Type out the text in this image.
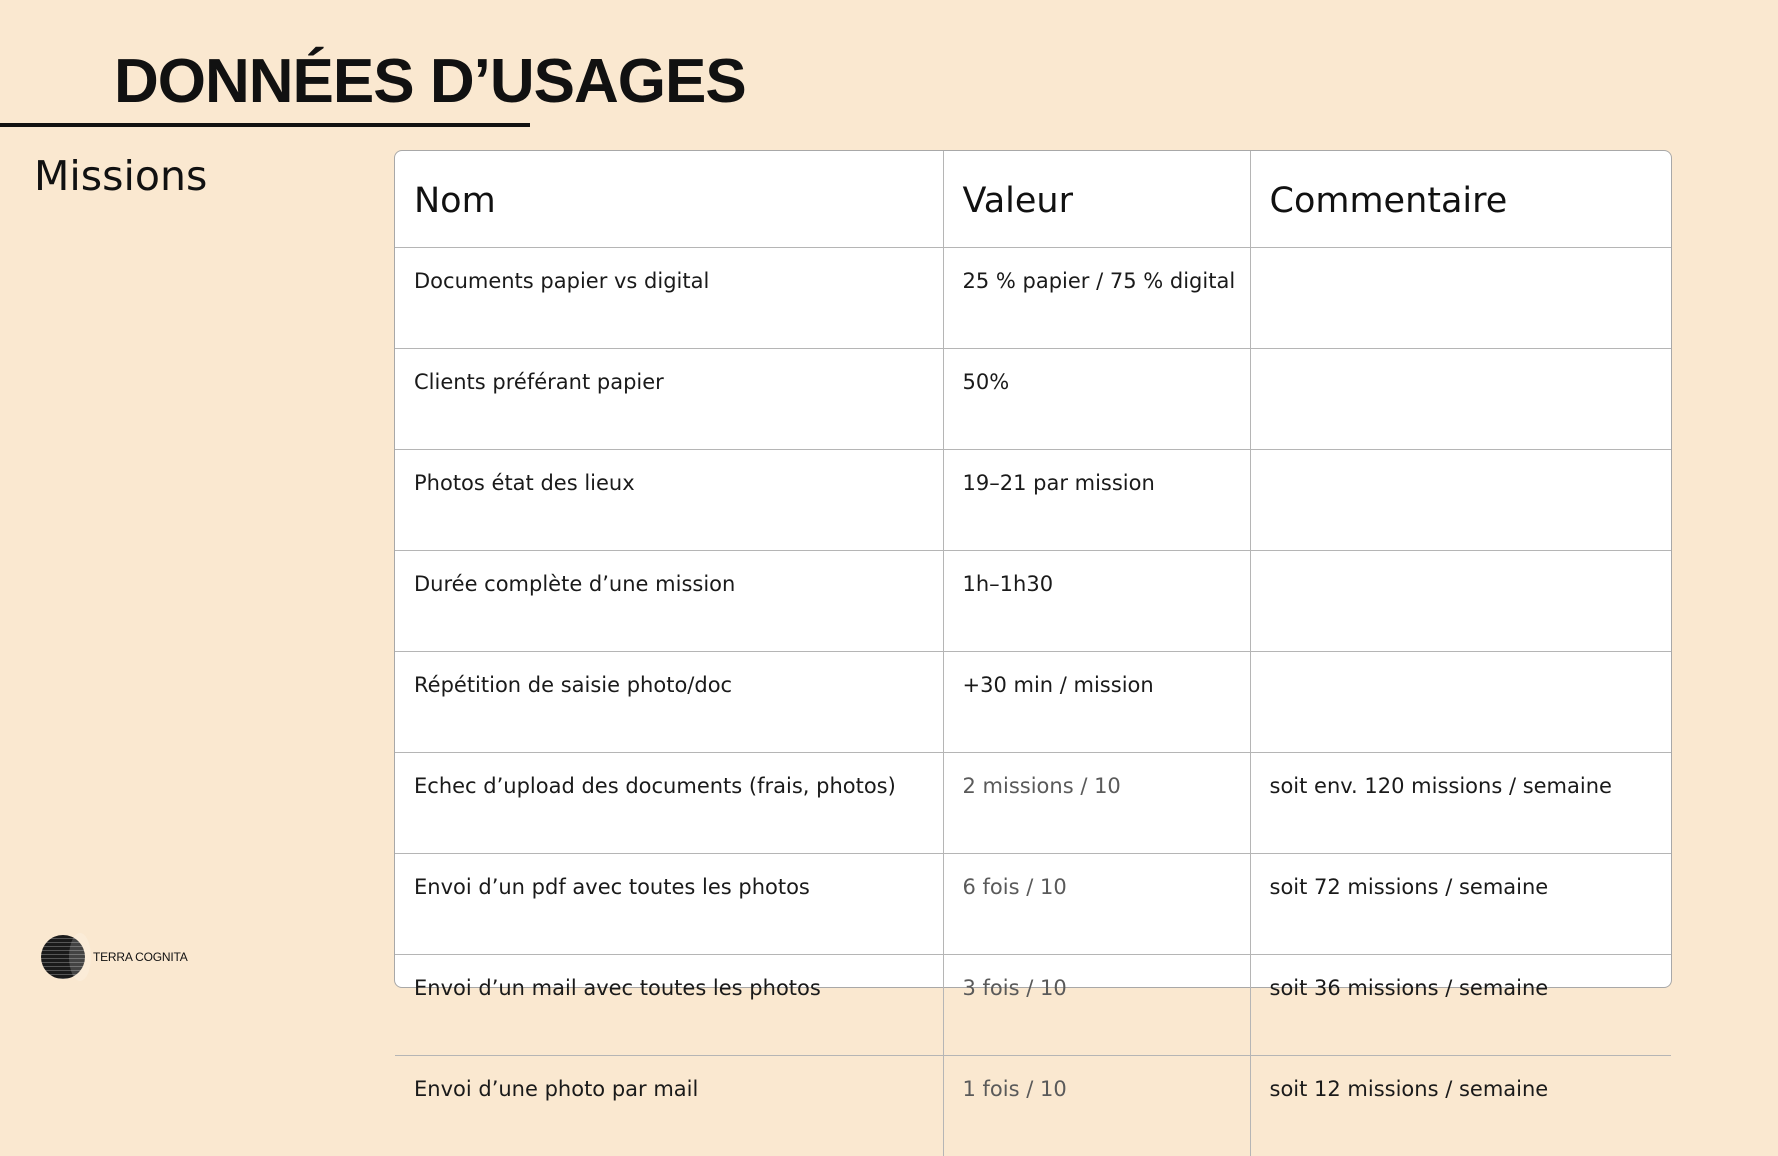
DONNÉES D’USAGES
Missions
Nom	Valeur	Commentaire
Documents papier vs digital	25 % papier / 75 % digital	
Clients préférant papier	50%	
Photos état des lieux	19–21 par mission	
Durée complète d’une mission	1h–1h30	
Répétition de saisie photo/doc	+30 min / mission	
Echec d’upload des documents (frais, photos)	2 missions / 10	soit env. 120 missions / semaine
Envoi d’un pdf avec toutes les photos	6 fois / 10	soit 72 missions / semaine
Envoi d’un mail avec toutes les photos	3 fois / 10	soit 36 missions / semaine
Envoi d’une photo par mail	1 fois / 10	soit 12 missions / semaine
TERRA COGNITA
